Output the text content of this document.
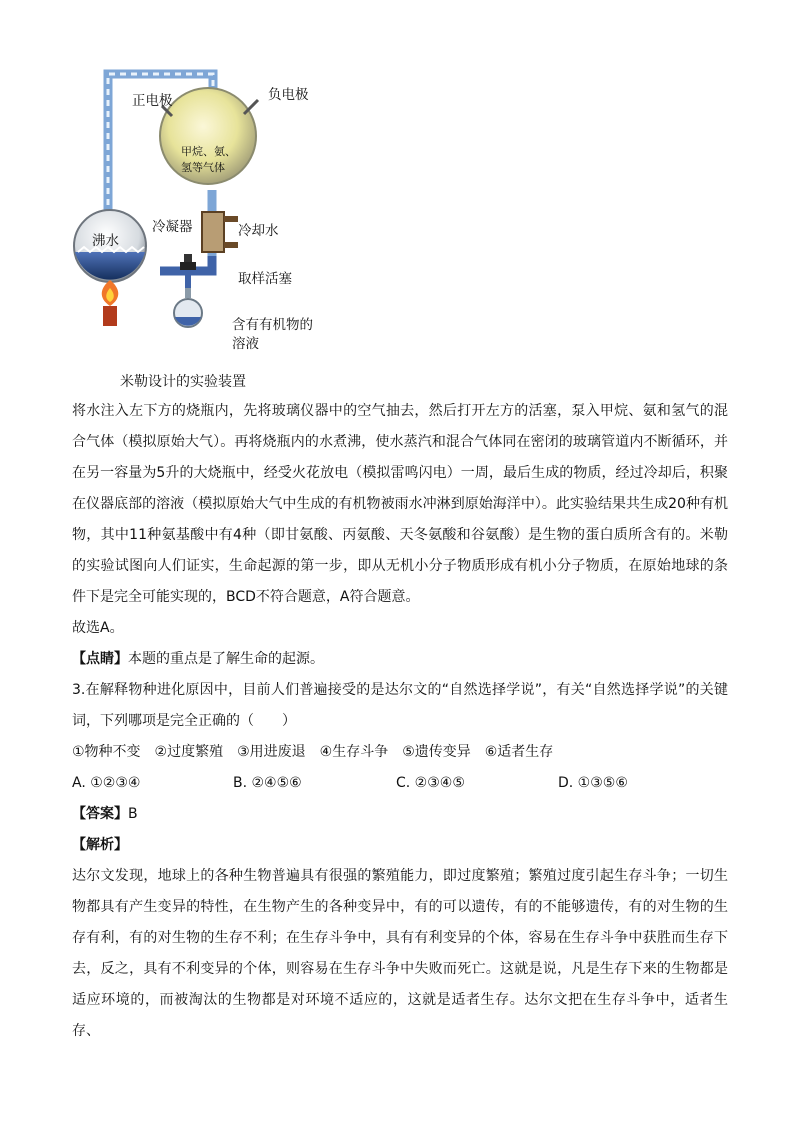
正电极	负电极
甲烷、氨、
氢等气体
沸水
冷凝器	冷却水
取样活塞
含有有机物的
溶液
米勒设计的实验装置

将水注入左下方的烧瓶内，先将玻璃仪器中的空气抽去，然后打开左方的活塞，泵入甲烷、氨和氢气的混合气体（模拟原始大气）。再将烧瓶内的水煮沸，使水蒸汽和混合气体同在密闭的玻璃管道内不断循环，并在另一容量为5升的大烧瓶中，经受火花放电（模拟雷鸣闪电）一周，最后生成的物质，经过冷却后，积聚在仪器底部的溶液（模拟原始大气中生成的有机物被雨水冲淋到原始海洋中）。此实验结果共生成20种有机物，其中11种氨基酸中有4种（即甘氨酸、丙氨酸、天冬氨酸和谷氨酸）是生物的蛋白质所含有的。米勒的实验试图向人们证实，生命起源的第一步，即从无机小分子物质形成有机小分子物质，在原始地球的条件下是完全可能实现的，BCD不符合题意，A符合题意。

故选A。
【点睛】本题的重点是了解生命的起源。

3.在解释物种进化原因中，目前人们普遍接受的是达尔文的“自然选择学说”，有关“自然选择学说”的关键词，下列哪项是完全正确的（　　）

①物种不变　②过度繁殖　③用进废退　④生存斗争　⑤遗传变异　⑥适者生存
A. ①②③④	B. ②④⑤⑥	C. ②③④⑤	D. ①③⑤⑥
【答案】B
【解析】

达尔文发现，地球上的各种生物普遍具有很强的繁殖能力，即过度繁殖；繁殖过度引起生存斗争；一切生物都具有产生变异的特性，在生物产生的各种变异中，有的可以遗传，有的不能够遗传，有的对生物的生存有利，有的对生物的生存不利；在生存斗争中，具有有利变异的个体，容易在生存斗争中获胜而生存下去，反之，具有不利变异的个体，则容易在生存斗争中失败而死亡。这就是说，凡是生存下来的生物都是适应环境的，而被淘汰的生物都是对环境不适应的，这就是适者生存。达尔文把在生存斗争中，适者生存、
